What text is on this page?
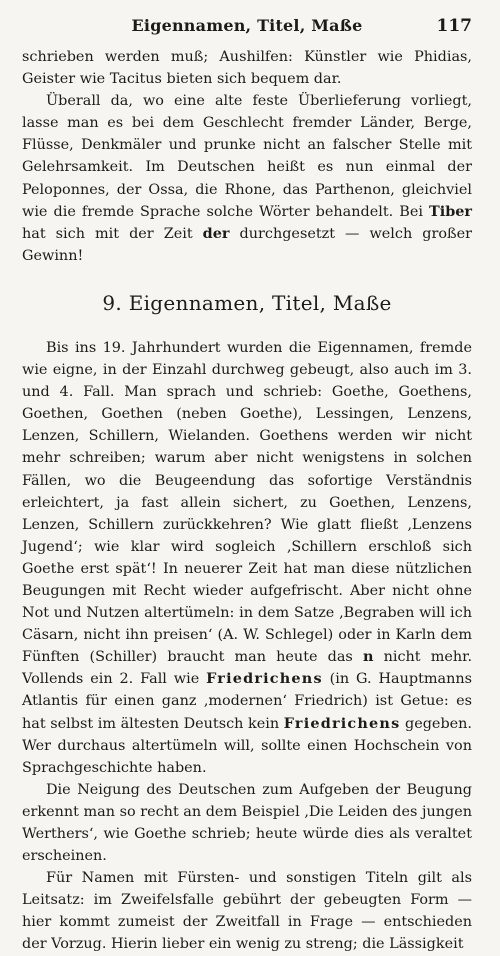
Eigennamen, Titel, Maße	117

schrieben werden muß; Aushilfen: Künstler wie Phidias, Geister wie Tacitus bieten sich bequem dar.

Überall da, wo eine alte feste Überlieferung vorliegt, lasse man es bei dem Geschlecht fremder Länder, Berge, Flüsse, Denkmäler und prunke nicht an falscher Stelle mit Gelehrsamkeit. Im Deutschen heißt es nun einmal der Peloponnes, der Ossa, die Rhone, das Parthenon, gleichviel wie die fremde Sprache solche Wörter behandelt. Bei Tiber hat sich mit der Zeit der durchgesetzt — welch großer Gewinn!

9. Eigennamen, Titel, Maße

Bis ins 19. Jahrhundert wurden die Eigennamen, fremde wie eigne, in der Einzahl durchweg gebeugt, also auch im 3. und 4. Fall. Man sprach und schrieb: Goethe, Goethens, Goethen, Goethen (neben Goethe), Lessingen, Lenzens, Lenzen, Schillern, Wielanden. Goethens werden wir nicht mehr schreiben; warum aber nicht wenigstens in solchen Fällen, wo die Beugeendung das sofortige Verständnis erleichtert, ja fast allein sichert, zu Goethen, Lenzens, Lenzen, Schillern zurückkehren? Wie glatt fließt ‚Lenzens Jugend‘; wie klar wird sogleich ‚Schillern erschloß sich Goethe erst spät‘! In neuerer Zeit hat man diese nützlichen Beugungen mit Recht wieder aufgefrischt. Aber nicht ohne Not und Nutzen altertümeln: in dem Satze ‚Begraben will ich Cäsarn, nicht ihn preisen‘ (A. W. Schlegel) oder in Karln dem Fünften (Schiller) braucht man heute das n nicht mehr. Vollends ein 2. Fall wie Friedrichens (in G. Hauptmanns Atlantis für einen ganz ‚modernen‘ Friedrich) ist Getue: es hat selbst im ältesten Deutsch kein Friedrichens gegeben. Wer durchaus altertümeln will, sollte einen Hochschein von Sprachgeschichte haben.

Die Neigung des Deutschen zum Aufgeben der Beugung erkennt man so recht an dem Beispiel ‚Die Leiden des jungen Werthers‘, wie Goethe schrieb; heute würde dies als veraltet erscheinen.

Für Namen mit Fürsten- und sonstigen Titeln gilt als Leitsatz: im Zweifelsfalle gebührt der gebeugten Form — hier kommt zumeist der Zweitfall in Frage — entschieden der Vorzug. Hierin lieber ein wenig zu streng; die Lässigkeit
